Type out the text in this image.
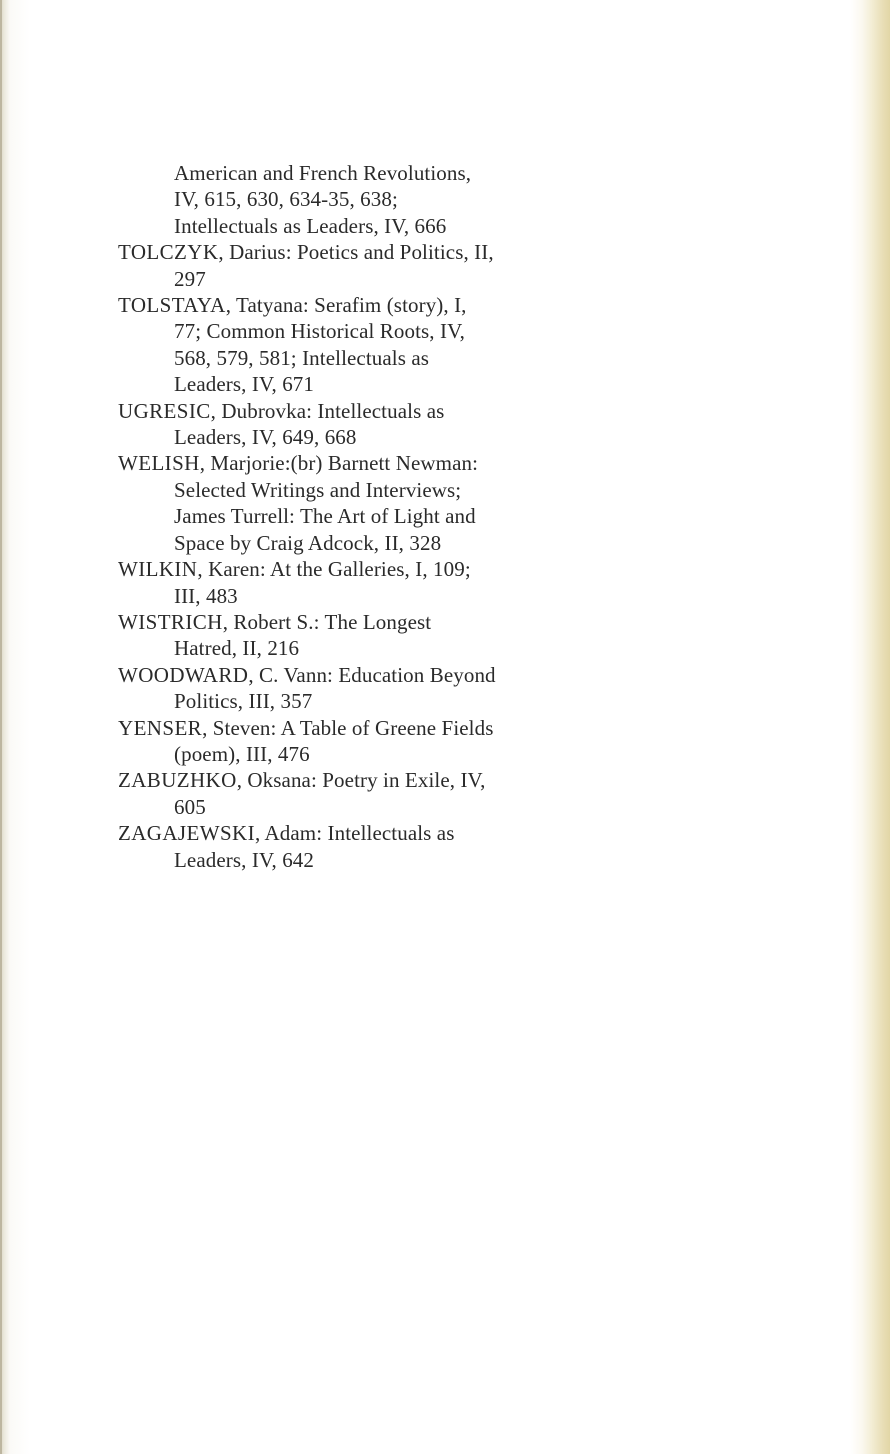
American and French Revolutions, IV, 615, 630, 634-35, 638; Intellectuals as Leaders, IV, 666

TOLCZYK, Darius: Poetics and Politics, II, 297

TOLSTAYA, Tatyana: Serafim (story), I, 77; Common Historical Roots, IV, 568, 579, 581; Intellectuals as Leaders, IV, 671

UGRESIC, Dubrovka: Intellectuals as Leaders, IV, 649, 668

WELISH, Marjorie:(br) Barnett Newman: Selected Writings and Interviews; James Turrell: The Art of Light and Space by Craig Adcock, II, 328

WILKIN, Karen: At the Galleries, I, 109; III, 483

WISTRICH, Robert S.: The Longest Hatred, II, 216

WOODWARD, C. Vann: Education Beyond Politics, III, 357

YENSER, Steven: A Table of Greene Fields (poem), III, 476

ZABUZHKO, Oksana: Poetry in Exile, IV, 605

ZAGAJEWSKI, Adam: Intellectuals as Leaders, IV, 642
